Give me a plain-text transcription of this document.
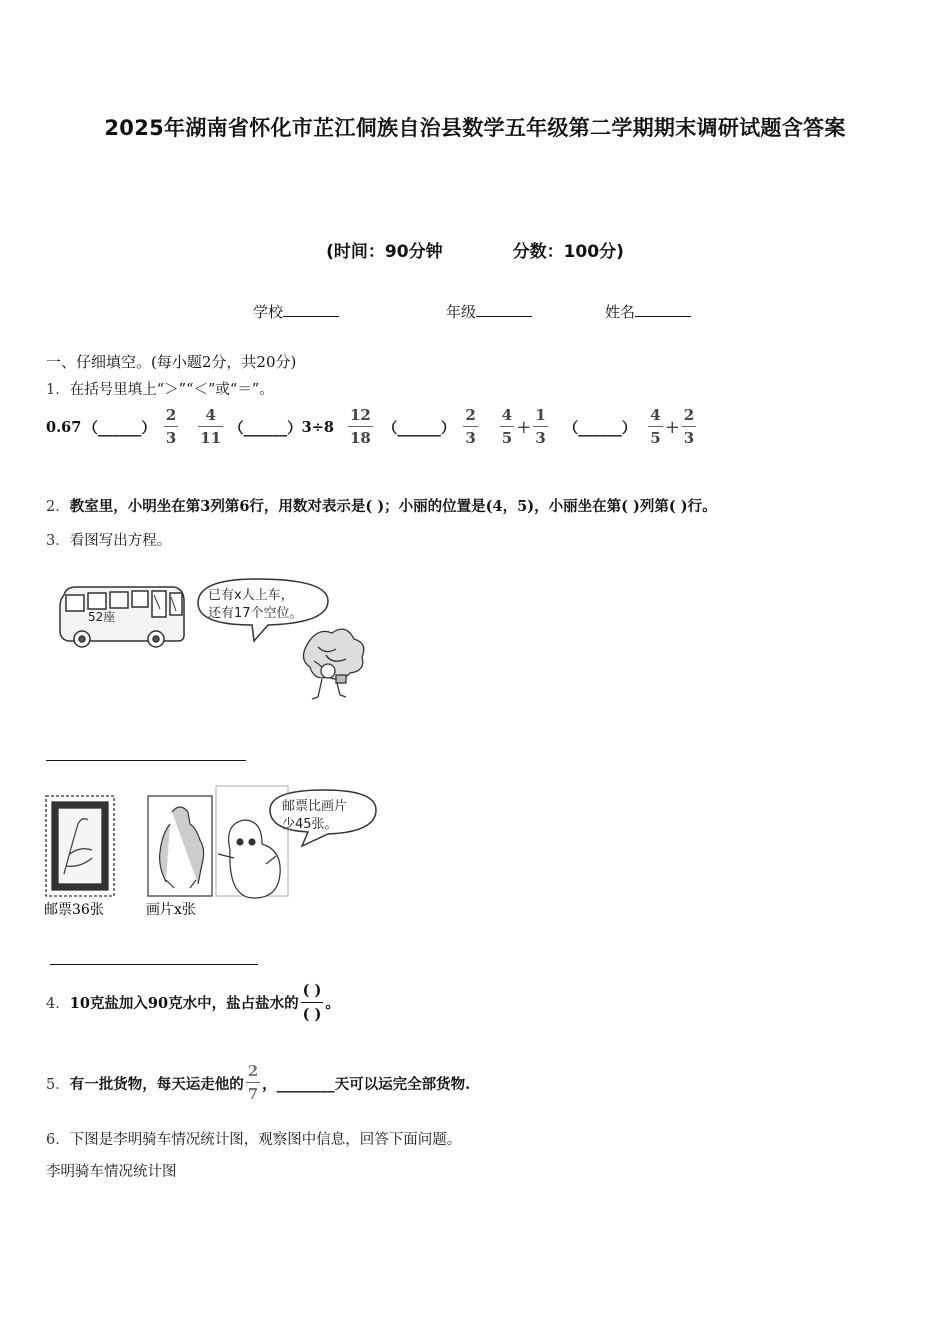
2025年湖南省怀化市芷江侗族自治县数学五年级第二学期期末调研试题含答案
(时间：90分钟	分数：100分)
学校	年级	姓名
一、仔细填空。(每小题2分，共20分)
1．在括号里填上“＞”“＜”或“＝”。
0.67 （______） $\frac{2}{3} \frac{4}{11}$ （______） $3\div 8 \frac{12}{18}$ （______） $\frac{2}{3} \frac{4}{5} + \frac{1}{3}$ （______） $\frac{4}{5} + \frac{2}{3}$
2．教室里，小明坐在第3列第6行，用数对表示是( )；小丽的位置是(4，5)，小丽坐在第( )列第( )行。
3．看图写出方程。
52座
已有x人上车，
还有17个空位。
邮票比画片
少45张。
邮票36张	画片x张
4． 10克盐加入90克水中，盐占盐水的
( )
( )
。
5． 有一批货物，每天运走他的 $\frac{2}{7}$ ，________天可以运完全部货物.
6．下图是李明骑车情况统计图，观察图中信息，回答下面问题。
李明骑车情况统计图
